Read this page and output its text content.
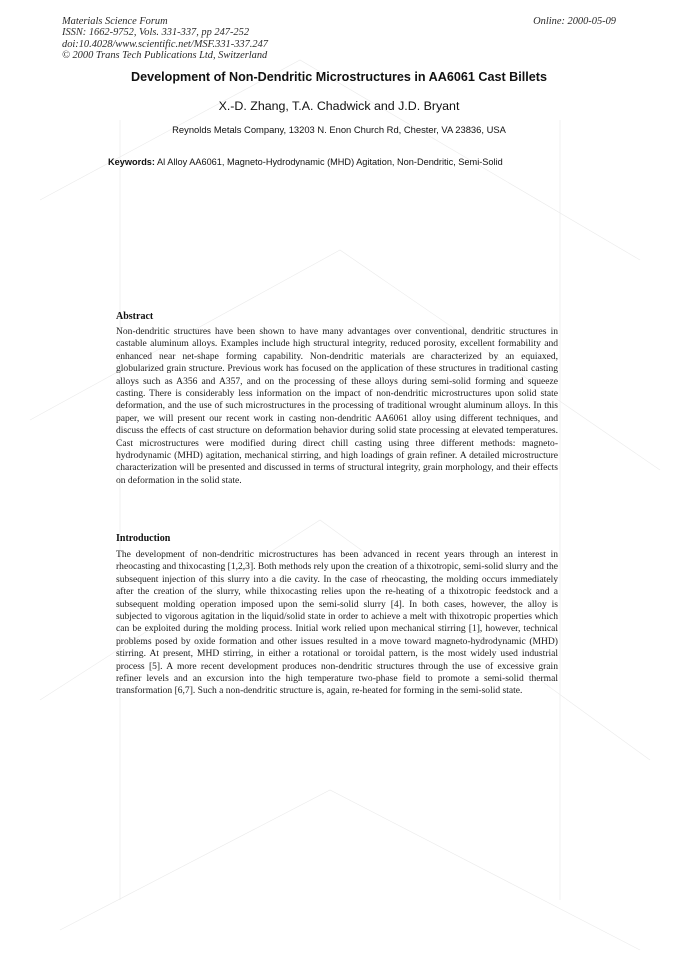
Materials Science Forum
ISSN: 1662-9752, Vols. 331-337, pp 247-252
doi:10.4028/www.scientific.net/MSF.331-337.247
© 2000 Trans Tech Publications Ltd, Switzerland
Online: 2000-05-09
Development of Non-Dendritic Microstructures in AA6061 Cast Billets
X.-D. Zhang, T.A. Chadwick and J.D. Bryant
Reynolds Metals Company, 13203 N. Enon Church Rd, Chester, VA 23836, USA
Keywords: Al Alloy AA6061, Magneto-Hydrodynamic (MHD) Agitation, Non-Dendritic, Semi-Solid
Abstract
Non-dendritic structures have been shown to have many advantages over conventional, dendritic structures in castable aluminum alloys. Examples include high structural integrity, reduced porosity, excellent formability and enhanced near net-shape forming capability. Non-dendritic materials are characterized by an equiaxed, globularized grain structure. Previous work has focused on the application of these structures in traditional casting alloys such as A356 and A357, and on the processing of these alloys during semi-solid forming and squeeze casting. There is considerably less information on the impact of non-dendritic microstructures upon solid state deformation, and the use of such microstructures in the processing of traditional wrought aluminum alloys. In this paper, we will present our recent work in casting non-dendritic AA6061 alloy using different techniques, and discuss the effects of cast structure on deformation behavior during solid state processing at elevated temperatures. Cast microstructures were modified during direct chill casting using three different methods: magneto-hydrodynamic (MHD) agitation, mechanical stirring, and high loadings of grain refiner. A detailed microstructure characterization will be presented and discussed in terms of structural integrity, grain morphology, and their effects on deformation in the solid state.
Introduction
The development of non-dendritic microstructures has been advanced in recent years through an interest in rheocasting and thixocasting [1,2,3]. Both methods rely upon the creation of a thixotropic, semi-solid slurry and the subsequent injection of this slurry into a die cavity. In the case of rheocasting, the molding occurs immediately after the creation of the slurry, while thixocasting relies upon the re-heating of a thixotropic feedstock and a subsequent molding operation imposed upon the semi-solid slurry [4]. In both cases, however, the alloy is subjected to vigorous agitation in the liquid/solid state in order to achieve a melt with thixotropic properties which can be exploited during the molding process. Initial work relied upon mechanical stirring [1], however, technical problems posed by oxide formation and other issues resulted in a move toward magneto-hydrodynamic (MHD) stirring. At present, MHD stirring, in either a rotational or toroidal pattern, is the most widely used industrial process [5]. A more recent development produces non-dendritic structures through the use of excessive grain refiner levels and an excursion into the high temperature two-phase field to promote a semi-solid thermal transformation [6,7]. Such a non-dendritic structure is, again, re-heated for forming in the semi-solid state.
